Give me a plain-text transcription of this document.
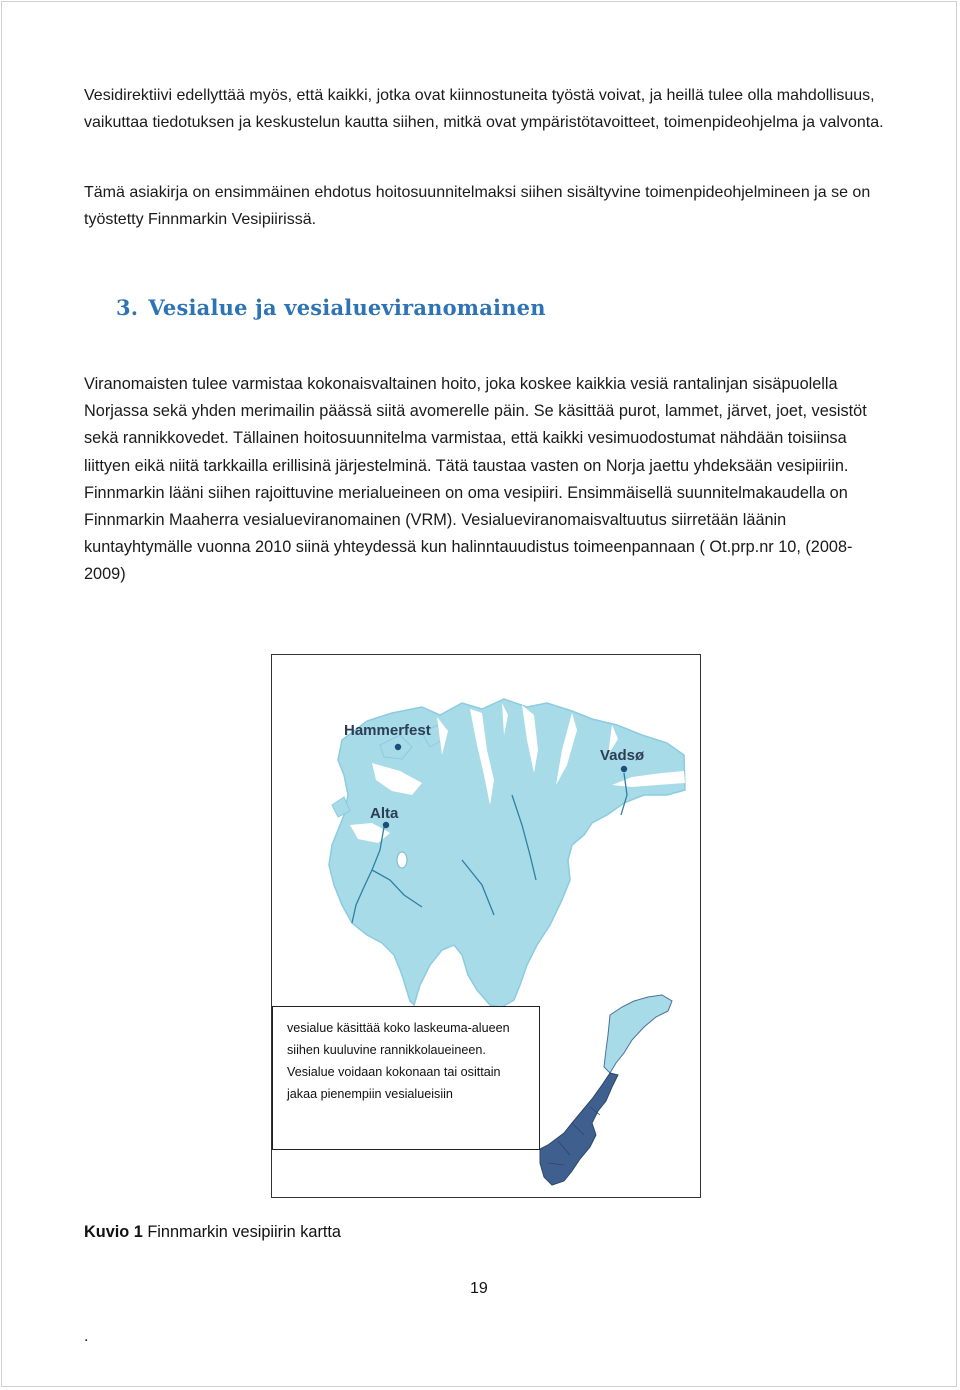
Vesidirektiivi edellyttää myös, että kaikki, jotka ovat kiinnostuneita työstä voivat, ja heillä tulee olla mahdollisuus, vaikuttaa tiedotuksen ja keskustelun kautta siihen, mitkä ovat ympäristötavoitteet, toimenpideohjelma ja valvonta.

Tämä asiakirja on ensimmäinen ehdotus hoitosuunnitelmaksi siihen sisältyvine toimenpideohjelmineen ja se on työstetty Finnmarkin Vesipiirissä.

3. Vesialue ja vesialueviranomainen

Viranomaisten tulee varmistaa kokonaisvaltainen hoito, joka koskee kaikkia vesiä rantalinjan sisäpuolella Norjassa sekä yhden merimailin päässä siitä avomerelle päin. Se käsittää purot, lammet, järvet, joet, vesistöt sekä rannikkovedet. Tällainen hoitosuunnitelma varmistaa, että kaikki vesimuodostumat nähdään toisiinsa liittyen eikä niitä tarkkailla erillisinä järjestelminä. Tätä taustaa vasten on Norja jaettu yhdeksään vesipiiriin. Finnmarkin lääni siihen rajoittuvine merialueineen on oma vesipiiri. Ensimmäisellä suunnitelmakaudella on Finnmarkin Maaherra vesialueviranomainen (VRM). Vesialueviranomaisvaltuutus siirretään läänin kuntayhtymälle vuonna 2010 siinä yhteydessä kun halinntauudistus toimeenpannaan ( Ot.prp.nr 10, (2008-2009)

Hammerfest
Vadsø
Alta
vesialue käsittää koko laskeuma-alueen siihen kuuluvine rannikkolaueineen. Vesialue voidaan kokonaan tai osittain jakaa pienempiin vesialueisiin

Kuvio 1 Finnmarkin vesipiirin kartta

19
.
